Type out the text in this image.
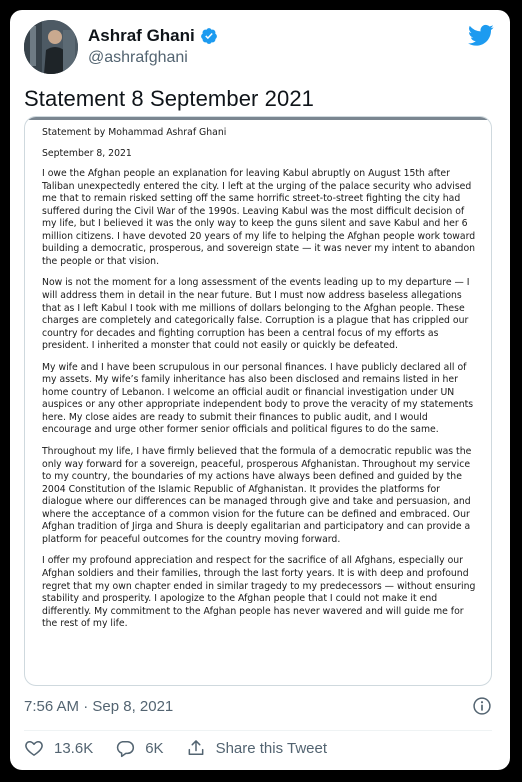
Ashraf Ghani
@ashrafghani
Statement 8 September 2021

Statement by Mohammad Ashraf Ghani

September 8, 2021

I owe the Afghan people an explanation for leaving Kabul abruptly on August 15th after Taliban unexpectedly entered the city. I left at the urging of the palace security who advised me that to remain risked setting off the same horrific street-to-street fighting the city had suffered during the Civil War of the 1990s. Leaving Kabul was the most difficult decision of my life, but I believed it was the only way to keep the guns silent and save Kabul and her 6 million citizens. I have devoted 20 years of my life to helping the Afghan people work toward building a democratic, prosperous, and sovereign state — it was never my intent to abandon the people or that vision.

Now is not the moment for a long assessment of the events leading up to my departure — I will address them in detail in the near future. But I must now address baseless allegations that as I left Kabul I took with me millions of dollars belonging to the Afghan people. These charges are completely and categorically false. Corruption is a plague that has crippled our country for decades and fighting corruption has been a central focus of my efforts as president. I inherited a monster that could not easily or quickly be defeated.

My wife and I have been scrupulous in our personal finances. I have publicly declared all of my assets. My wife’s family inheritance has also been disclosed and remains listed in her home country of Lebanon. I welcome an official audit or financial investigation under UN auspices or any other appropriate independent body to prove the veracity of my statements here. My close aides are ready to submit their finances to public audit, and I would encourage and urge other former senior officials and political figures to do the same.

Throughout my life, I have firmly believed that the formula of a democratic republic was the only way forward for a sovereign, peaceful, prosperous Afghanistan. Throughout my service to my country, the boundaries of my actions have always been defined and guided by the 2004 Constitution of the Islamic Republic of Afghanistan. It provides the platforms for dialogue where our differences can be managed through give and take and persuasion, and where the acceptance of a common vision for the future can be defined and embraced. Our Afghan tradition of Jirga and Shura is deeply egalitarian and participatory and can provide a platform for peaceful outcomes for the country moving forward.

I offer my profound appreciation and respect for the sacrifice of all Afghans, especially our Afghan soldiers and their families, through the last forty years. It is with deep and profound regret that my own chapter ended in similar tragedy to my predecessors — without ensuring stability and prosperity. I apologize to the Afghan people that I could not make it end differently. My commitment to the Afghan people has never wavered and will guide me for the rest of my life.

7:56 AM · Sep 8, 2021
13.6K	6K	Share this Tweet
